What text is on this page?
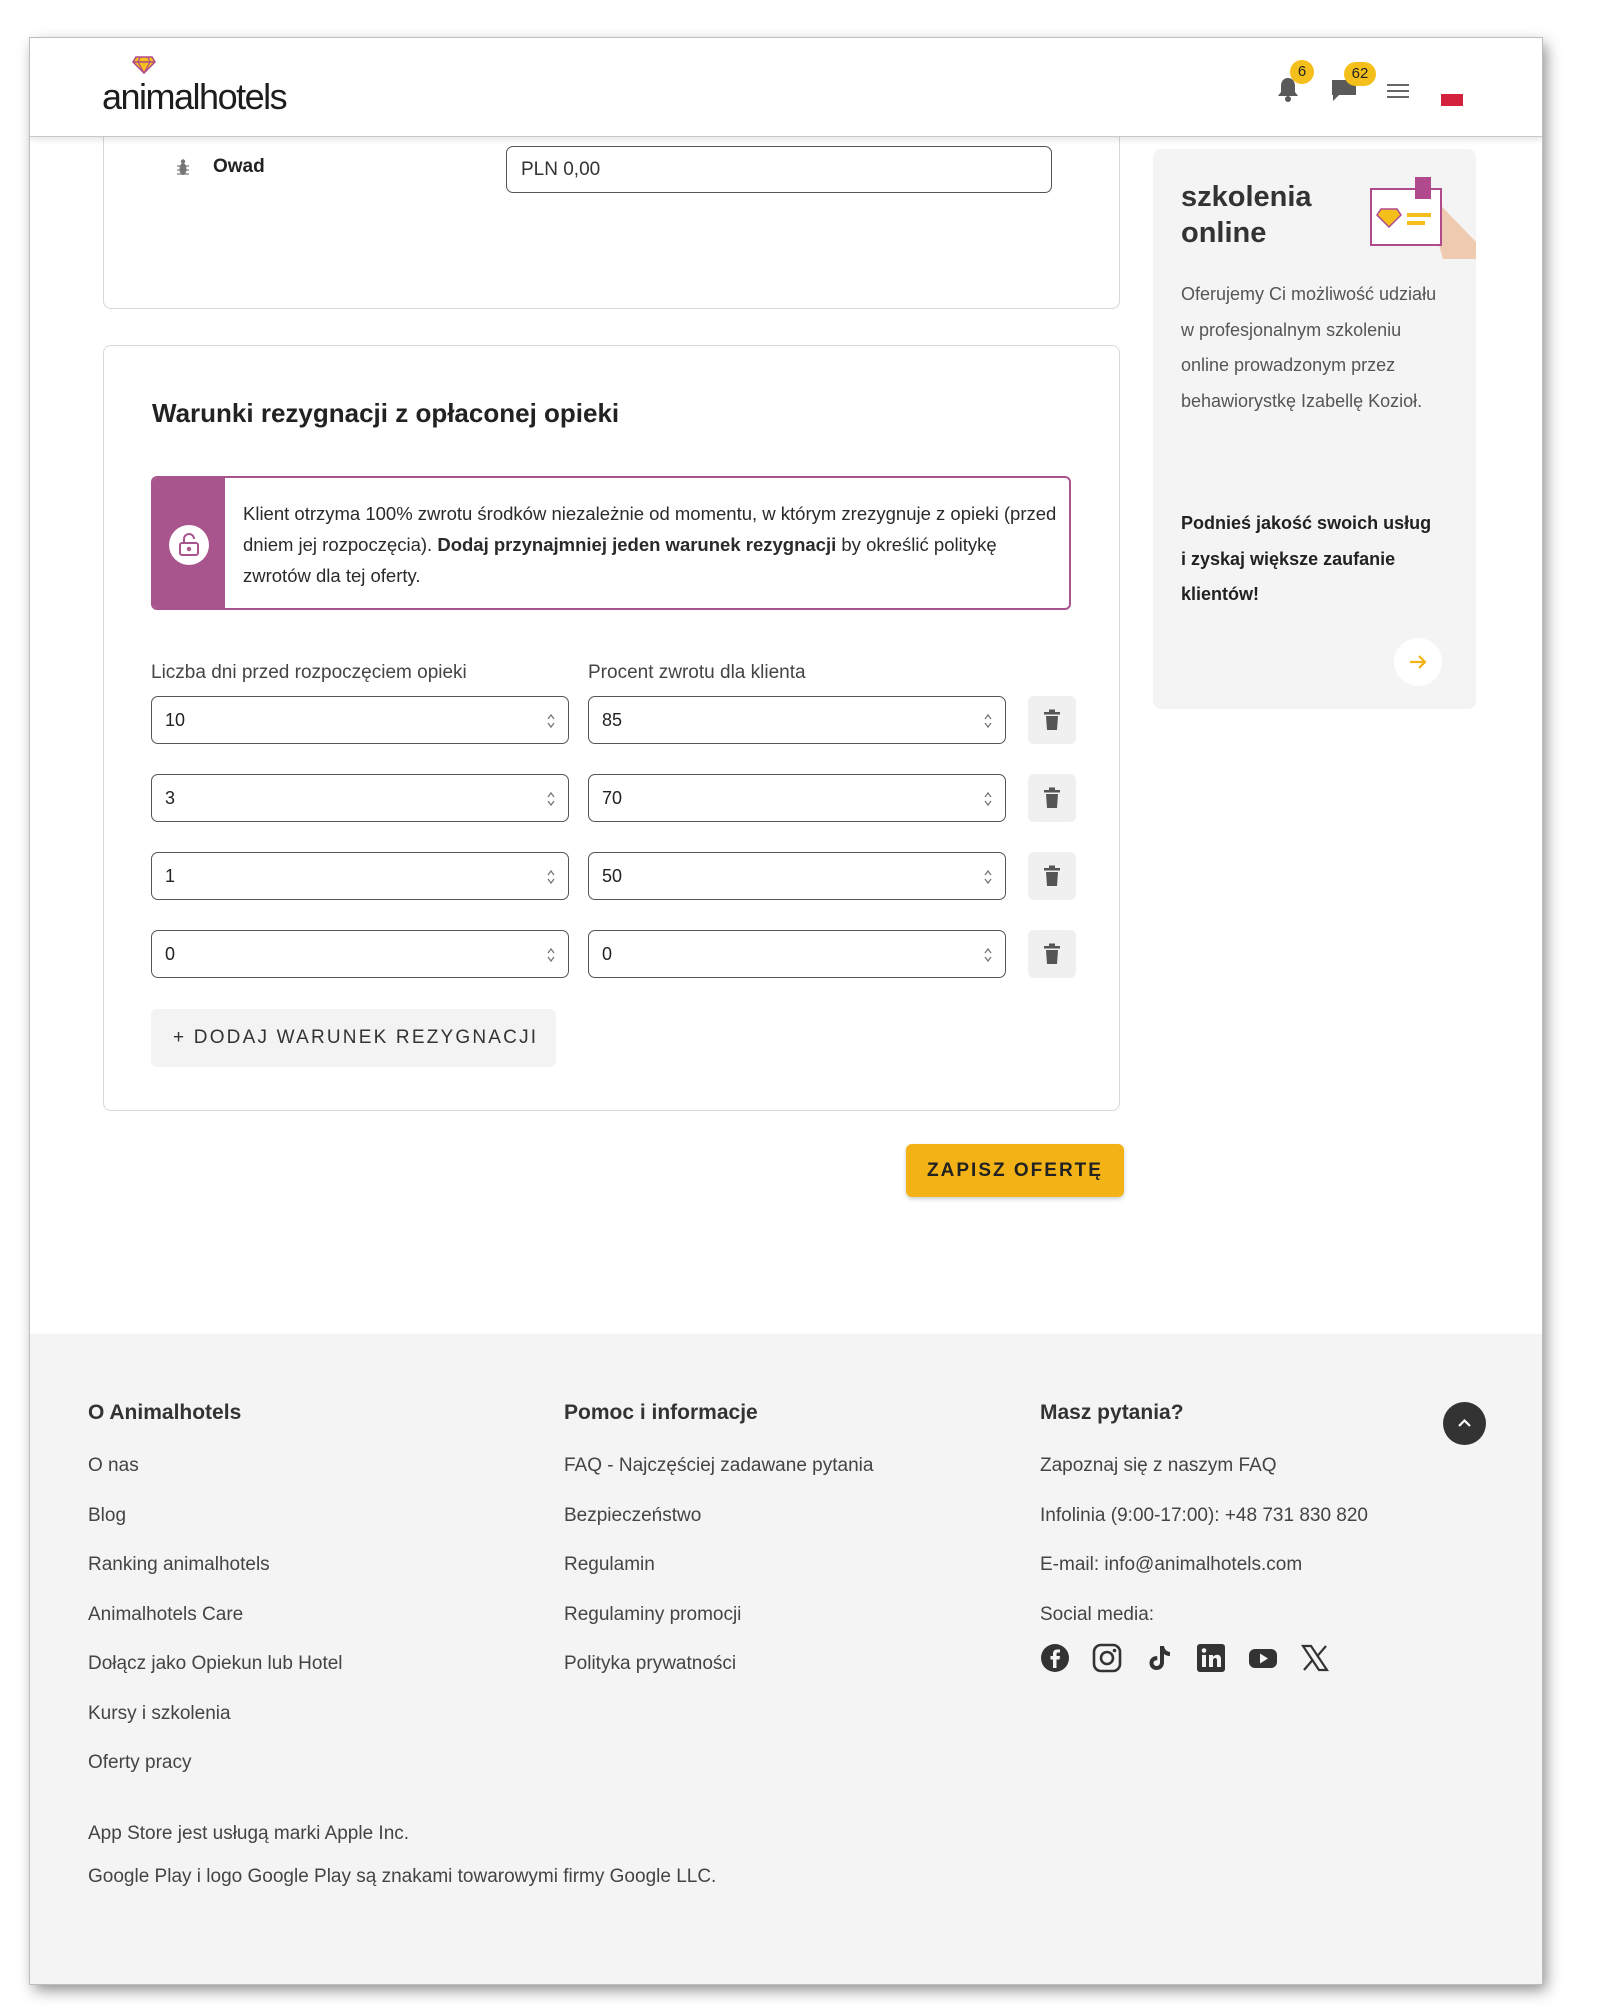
animalhotels
6	62
Owad
PLN 0,00
Warunki rezygnacji z opłaconej opieki

Klient otrzyma 100% zwrotu środków niezależnie od momentu, w którym zrezygnuje z opieki (przed dniem jej rozpoczęcia). Dodaj przynajmniej jeden warunek rezygnacji by określić politykę zwrotów dla tej oferty.

Liczba dni przed rozpoczęciem opieki	Procent zwrotu dla klienta
10	85
3	70
1	50
0	0
+ DODAJ WARUNEK REZYGNACJI
ZAPISZ OFERTĘ
szkolenia online
Oferujemy Ci możliwość udziału w profesjonalnym szkoleniu online prowadzonym przez behawiorystkę Izabellę Kozioł.
Podnieś jakość swoich usług i zyskaj większe zaufanie klientów!
O Animalhotels
O nas
Blog
Ranking animalhotels
Animalhotels Care
Dołącz jako Opiekun lub Hotel
Kursy i szkolenia
Oferty pracy
Pomoc i informacje
FAQ - Najczęściej zadawane pytania
Bezpieczeństwo
Regulamin
Regulaminy promocji
Polityka prywatności
Masz pytania?
Zapoznaj się z naszym FAQ
Infolinia (9:00-17:00): +48 731 830 820
E-mail: info@animalhotels.com
Social media:
App Store jest usługą marki Apple Inc.
Google Play i logo Google Play są znakami towarowymi firmy Google LLC.
